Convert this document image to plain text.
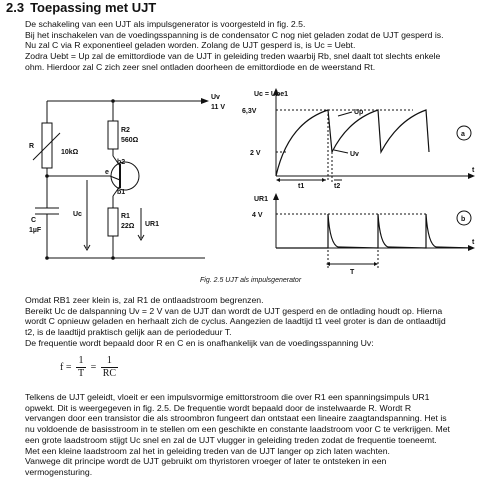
2.3 Toepassing met UJT
De schakeling van een UJT als impulsgenerator is voorgesteld in fig. 2.5.
Bij het inschakelen van de voedingsspanning is de condensator C nog niet geladen zodat de UJT gesperd is.
Nu zal C via R exponentieel geladen worden. Zolang de UJT gesperd is, is Uc = Uebt.
Zodra Uebt = Up zal de emittordiode van de UJT in geleiding treden waarbij Rb, snel daalt tot slechts enkele
ohm. Hierdoor zal C zich zeer snel ontladen doorheen de emittordiode en de weerstand Rt.
Uv
11 V
R
10kΩ
R2
560Ω
b2
b1
e
Uc
C
1µF
R1
22Ω UR1
Uc = Ube1
6,3V
2 V
Up
Uv
t1	t2
t
a
UR1
4 V
T
t
b
Fig. 2.5 UJT als impulsgenerator
Omdat RB1 zeer klein is, zal R1 de ontlaadstroom begrenzen.
Bereikt Uc de dalspanning Uv = 2 V van de UJT dan wordt de UJT gesperd en de ontlading houdt op. Hierna
wordt C opnieuw geladen en herhaalt zich de cyclus. Aangezien de laadtijd t1 veel groter is dan de ontlaadtijd
t2, is de laadtijd praktisch gelijk aan de periodeduur T.
De frequentie wordt bepaald door R en C en is onafhankelijk van de voedingsspanning Uv:
$f = \frac{1}{T} = \frac{1}{RC}$
Telkens de UJT geleidt, vloeit er een impulsvormige emittorstroom die over R1 een spanningsimpuls UR1
opwekt. Dit is weergegeven in fig. 2.5. De frequentie wordt bepaald door de instelwaarde R. Wordt R
vervangen door een transistor die als stroombron fungeert dan ontstaat een lineaire zaagtandspanning. Het is
nu voldoende de basisstroom in te stellen om een geschikte en constante laadstroom voor C te verkrijgen. Met
een grote laadstroom stijgt Uc snel en zal de UJT vlugger in geleiding treden zodat de frequentie toeneemt.
Met een kleine laadstroom zal het in geleiding treden van de UJT langer op zich laten wachten.
Vanwege dit principe wordt de UJT gebruikt om thyristoren vroeger of later te ontsteken in een
vermogensturing.
